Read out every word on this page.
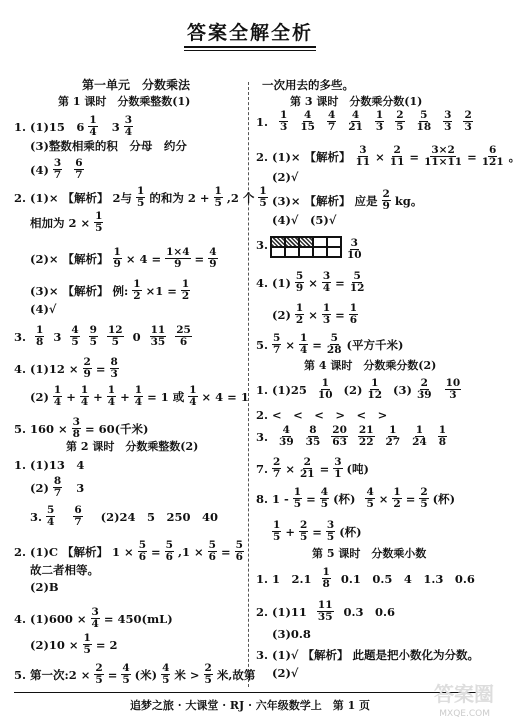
答案全解全析
第一单元　分数乘法
第 1 课时　分数乘整数(1)
1. (1)15　6 1
4 3 3
4
(3)整数相乘的积　分母　约分
(4) 3
7
6
7
2. (1)× 【解析】 2与 1
5 的和为 $2 + \frac{1}{5} ,2$ 个 1
5
相加为 $2 \times \frac{1}{5}$
(2)× 【解析】 $\frac{1}{9} \times 4 = \frac{1\times 4}{9} = \frac{4}{9}$
(3)× 【解析】 例: $\frac{1}{2} \times 1 = \frac{1}{2}$
(4)√
3. 1
8 3 4
5
9
5
12
5 0 11
35
25
6
4. $(1)12 \times \frac{2}{9} = \frac{8}{3}$
(2) 1
$4 + \frac{1}{4} + \frac{1}{4} + \frac{1}{4} = 1$ 或 $\frac{1}{4} \times 4 = 1$
5. $160 \times \frac{3}{8} = 60$(千米)
第 2 课时　分数乘整数(2)
1. (1)13　4
(2) 8
7 3
3. 5
4
6
7 (2)24　5　250　40
2. (1)C 【解析】 $1 \times \frac{5}{6} = \frac{5}{6} ,1 \times \frac{5}{6} = \frac{5}{6}$
故二者相等。
(2)B
4. $(1)600 \times \frac{3}{4} = 450(mL)$
$(2)10 \times \frac{1}{5} = 2$
5. 第一次:2 × $\frac{2}{5} = \frac{4}{5}$ (米) 4
5 米 > 2
5 米,故第
一次用去的多些。
第 3 课时　分数乘分数(1)
1. 1
3
4
15
4
7
4
21
1
3
2
5
5
18
3
3
2
3
2. (1)× 【解析】 $\frac{3}{11} \times \frac{2}{11} = \frac{3\times 2}{11\times 11} = \frac{6}{121}$ 。
(2)√
(3)× 【解析】 应是 2
9 kg。
(4)√　(5)√
3.	3
10
4. $(1) \frac{5}{9} \times \frac{3}{4} = \frac{5}{12}$
$(2) \frac{1}{2} \times \frac{1}{3} = \frac{1}{6}$
5. $\frac{5}{7} \times \frac{1}{4} = \frac{5}{28}$ (平方千米)
第 4 课时　分数乘分数(2)
1. (1)25 1
10 (2) 1
12 (3) 2
39
10
3
2. <　<　<　>　<　>
3. 4
39
8
35
20
63
21
22
1
27
1
24
1
8
7. $\frac{2}{7} \times \frac{2}{21} = \frac{3}{1}$ (吨)
8. $1 - \frac{1}{5} = \frac{4}{5}$ (杯) $\frac{4}{5} \times \frac{1}{2} = \frac{2}{5}$ (杯)
1
$5 + \frac{2}{5} = \frac{3}{5}$ (杯)
第 5 课时　分数乘小数
1. 1　2.1 1
8 0.1　0.5　4　1.3　0.6
2. (1)11 11
35 0.3　0.6
(3)0.8
3. (1)√ 【解析】 此题是把小数化为分数。
(2)√
追梦之旅 · 大课堂 · RJ · 六年级数学上　第 1 页	答案圈
MXQE.COM
